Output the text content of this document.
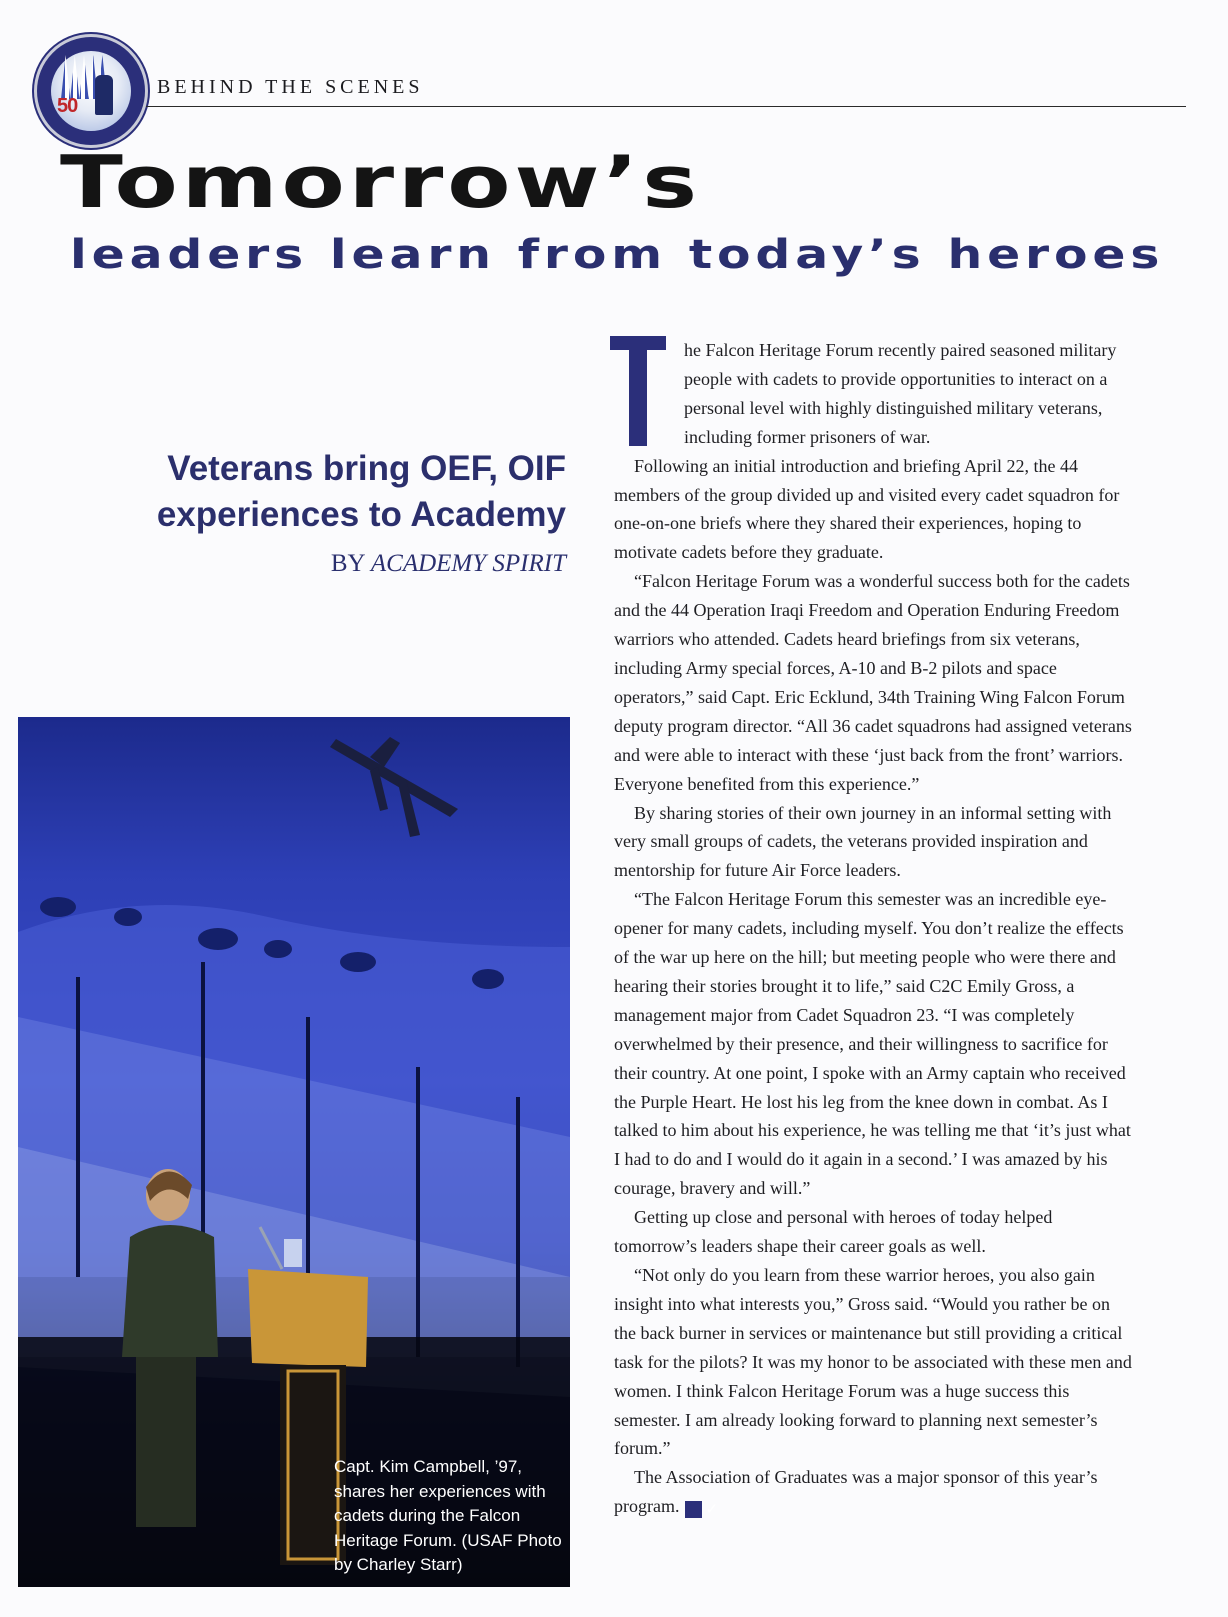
50
BEHIND THE SCENES
Tomorrow’s
leaders learn from today’s heroes
Veterans bring OEF, OIF
experiences to Academy
BY ACADEMY SPIRIT
Capt. Kim Campbell, ’97, shares her experiences with cadets during the Falcon Heritage Forum. (USAF Photo by Charley Starr)

he Falcon Heritage Forum recently paired seasoned military people with cadets to provide opportunities to interact on a personal level with highly distinguished military veterans, including former prisoners of war.

Following an initial introduction and briefing April 22, the 44 members of the group divided up and visited every cadet squadron for one-on-one briefs where they shared their experiences, hoping to motivate cadets before they graduate.

“Falcon Heritage Forum was a wonderful success both for the cadets and the 44 Operation Iraqi Freedom and Operation Enduring Freedom warriors who attended. Cadets heard briefings from six veterans, including Army special forces, A-10 and B-2 pilots and space operators,” said Capt. Eric Ecklund, 34th Training Wing Falcon Forum deputy program director. “All 36 cadet squadrons had assigned veterans and were able to interact with these ‘just back from the front’ warriors. Everyone benefited from this experience.”

By sharing stories of their own journey in an informal setting with very small groups of cadets, the veterans provided inspiration and mentorship for future Air Force leaders.

“The Falcon Heritage Forum this semester was an incredible eye-opener for many cadets, including myself. You don’t realize the effects of the war up here on the hill; but meeting people who were there and hearing their stories brought it to life,” said C2C Emily Gross, a management major from Cadet Squadron 23. “I was completely overwhelmed by their presence, and their willingness to sacrifice for their country. At one point, I spoke with an Army captain who received the Purple Heart. He lost his leg from the knee down in combat. As I talked to him about his experience, he was telling me that ‘it’s just what I had to do and I would do it again in a second.’ I was amazed by his courage, bravery and will.”

Getting up close and personal with heroes of today helped tomorrow’s leaders shape their career goals as well.

“Not only do you learn from these warrior heroes, you also gain insight into what interests you,” Gross said. “Would you rather be on the back burner in services or maintenance but still providing a critical task for the pilots? It was my honor to be associated with these men and women. I think Falcon Heritage Forum was a huge success this semester. I am already looking forward to planning next semester’s forum.”

The Association of Graduates was a major sponsor of this year’s program. ✓
